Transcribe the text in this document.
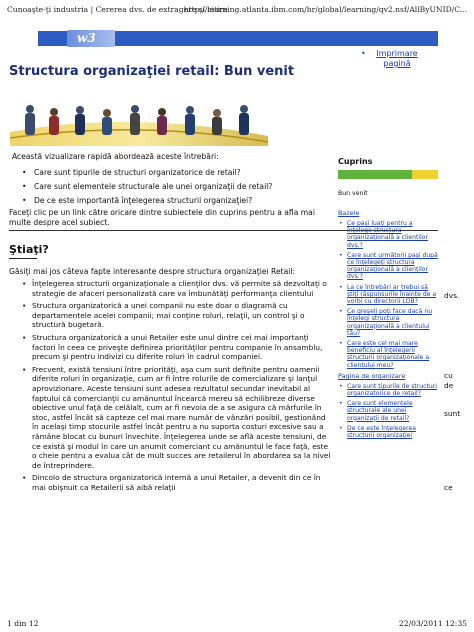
Cunoaşte-ţi industria | Cererea dvs. de extragere şi citire
http://learning.atlanta.ibm.com/hr/global/learning/qv2.nsf/AllByUNID/C...
w3
• Imprimare pagină
Structura organizaţiei retail: Bun venit
Această vizualizare rapidă abordează aceste întrebări:
• Care sunt tipurile de structuri organizatorice de retail?
• Care sunt elementele structurale ale unei organizaţii de retail?
• De ce este importantă înţelegerea structurii organizaţiei?
Faceţi clic pe un link către oricare dintre subiectele din cuprins pentru a afla mai multe despre acel subiect.
Ştiaţi?
Găsiţi mai jos câteva fapte interesante despre structura organizaţiei Retail:
• Înţelegerea structurii organizaţionale a clienţilor dvs. vă permite să dezvoltaţi o strategie de afaceri personalizată care va îmbunătăţi performanţa clientului
• Structura organizatorică a unei companii nu este doar o diagramă cu departamentele acelei companii; mai conţine roluri, relaţii, un control şi o structură bugetară.
• Structura organizatorică a unui Retailer este unul dintre cei mai importanţi factori în ceea ce priveşte definirea priorităţilor pentru companie în ansamblu, precum şi pentru indivizi cu diferite roluri în cadrul companiei.
• Frecvent, există tensiuni între priorităţi, aşa cum sunt definite pentru oamenii diferite roluri în organizaţie, cum ar fi între rolurile de comercializare şi lanţul aprovizionare. Aceste tensiuni sunt adesea rezultatul secundar inevitabil al faptului că comercianţii cu amănuntul încearcă mereu să echilibreze diverse obiective unul faţă de celălalt, cum ar fi nevoia de a se asigura că mărfurile în stoc, astfel încât să capteze cel mai mare număr de vânzări posibil, gestionând în acelaşi timp stocurile astfel încât pentru a nu suporta costuri excesive sau a rămâne blocat cu bunuri învechite. Înţelegerea unde se află aceste tensiuni, de ce există şi modul în care un anumit comerciant cu amănuntul le face faţă, este o cheie pentru a evalua cât de mult succes are retailerul în abordarea sa la nivel de întreprindere.
• Dincolo de structura organizatorică internă a unui Retailer, a devenit din ce în mai obişnuit ca Retailerii să aibă relaţii
Cuprins
Bun venit
Bazele
• Ce paşi luaţi pentru a înţelege structura organizaţională a clientilor dvs.?
• Care sunt următorii paşi după ce înţelegeţi structura organizaţională a clienţilor dvs.?
• La ce întrebări ar trebui să ştiţi răspunsurile înainte de a vorbi cu directorii LOB?
• Ce greşeli poţi face dacă nu înţelegi structura organizaţională a clientului tău?
• Care este cel mai mare beneficiu al înţelegerii structurii organizaţionale a clientului meu?
Pagina de organizare
• Care sunt tipurile de structuri organizatorice de retail?
• Care sunt elementele structurale ale unei organizaţii de retail?
• De ce este înţelegerea structurii organizaţiei
dvs.
cu
de
sunt
ce
1 din 12	22/03/2011 12:35
